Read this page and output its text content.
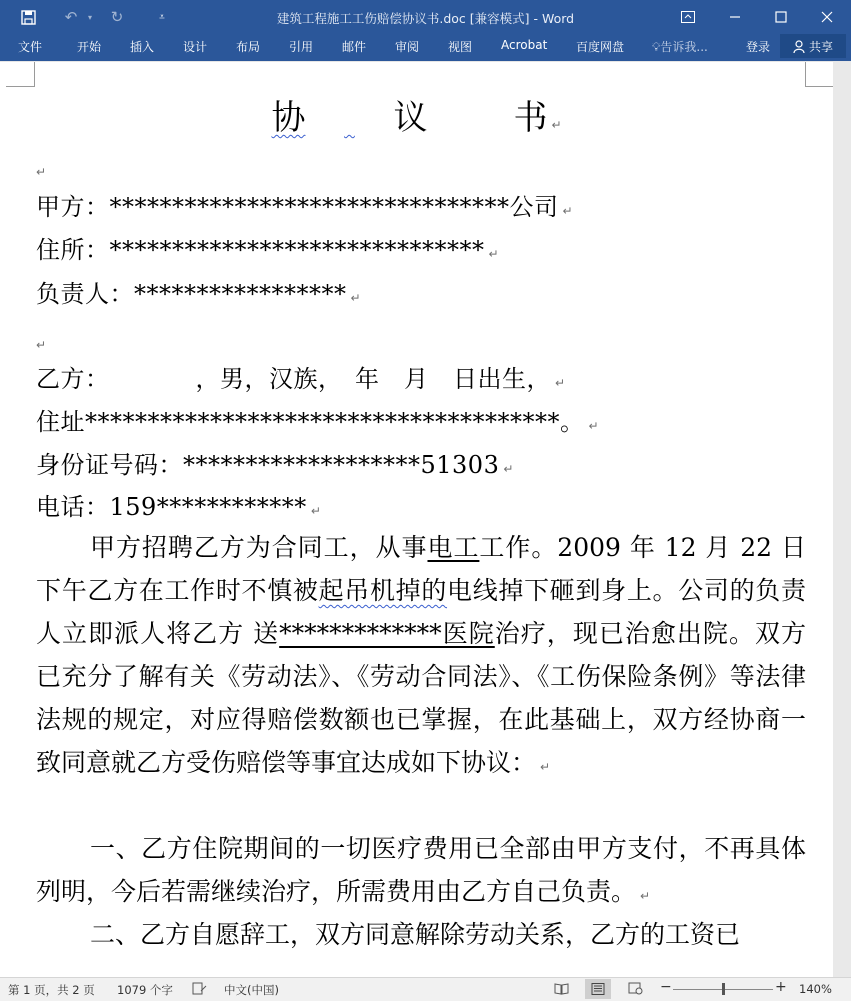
↶	▾	↻	⩡	建筑工程施工工伤赔偿协议书.doc [兼容模式] - Word
文件	开始 插入 设计 布局 引用 邮件 审阅 视图 Acrobat 百度网盘 💡︎告诉我...	登录	共享
协	议	书 ↵
↵
甲方：********************************公司 ↵
住所：****************************** ↵
负责人：***************** ↵
↵
乙方：　　　　，男，汉族，　年　月　日出生， ↵
住址**************************************。 ↵
身份证号码：*******************51303 ↵
电话：159************ ↵
甲方招聘乙方为合同工，从事电工工作。2009 年 12 月 22 日下午乙方在工作时不慎被起吊机掉的电线掉下砸到身上。公司的负责人立即派人将乙方 送*************医院治疗，现已治愈出院。双方已充分了解有关《劳动法》、《劳动合同法》、《工伤保险条例》等法律法规的规定，对应得赔偿数额也已掌握，在此基础上，双方经协商一致同意就乙方受伤赔偿等事宜达成如下协议： ↵
一、乙方住院期间的一切医疗费用已全部由甲方支付，不再具体列明，今后若需继续治疗，所需费用由乙方自己负责。 ↵
二、乙方自愿辞工，双方同意解除劳动关系，乙方的工资已
第 1 页，共 2 页 1079 个字	中文(中国)	−	+ 140%
